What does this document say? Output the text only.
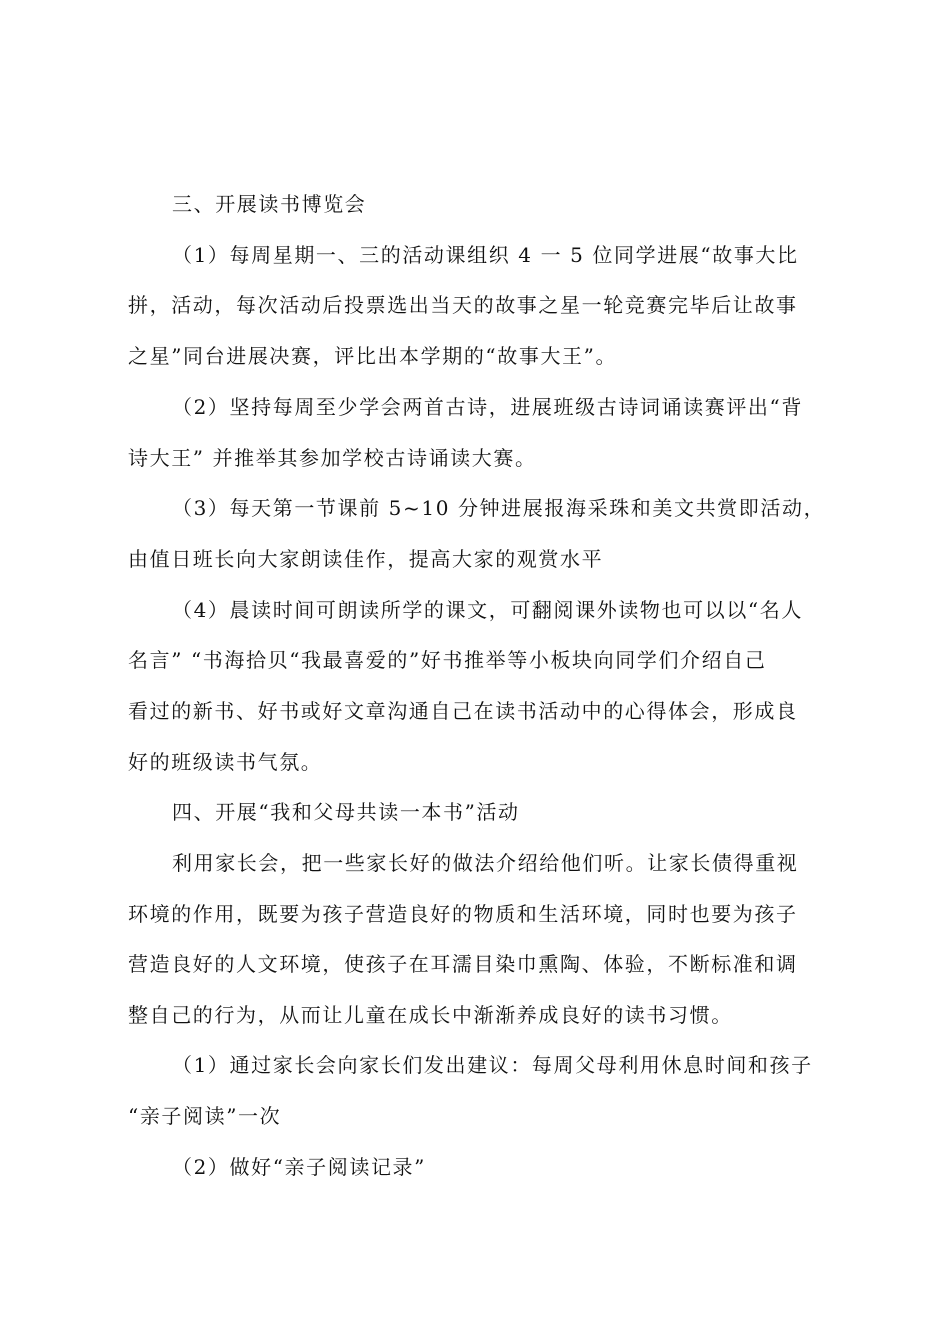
三、开展读书博览会
（1）每周星期一、三的活动课组织 4 一 5 位同学进展“故事大比
拼，活动，每次活动后投票选出当天的故事之星一轮竞赛完毕后让故事
之星”同台进展决赛，评比出本学期的“故事大王”。
（2）坚持每周至少学会两首古诗，进展班级古诗词诵读赛评出“背
诗大王” 并推举其参加学校古诗诵读大赛。
（3）每天第一节课前 5~10 分钟进展报海采珠和美文共赏即活动，
由值日班长向大家朗读佳作，提高大家的观赏水平
（4）晨读时间可朗读所学的课文，可翻阅课外读物也可以以“名人
名言” “书海拾贝“我最喜爱的”好书推举等小板块向同学们介绍自己
看过的新书、好书或好文章沟通自己在读书活动中的心得体会，形成良
好的班级读书气氛。
四、开展“我和父母共读一本书”活动
利用家长会，把一些家长好的做法介绍给他们听。让家长债得重视
环境的作用，既要为孩子营造良好的物质和生活环境，同时也要为孩子
营造良好的人文环境，使孩子在耳濡目染巾熏陶、体验，不断标准和调
整自己的行为，从而让儿童在成长中渐渐养成良好的读书习惯。
（1）通过家长会向家长们发出建议：每周父母利用休息时间和孩子
“亲子阅读”一次
（2）做好“亲子阅读记录”
